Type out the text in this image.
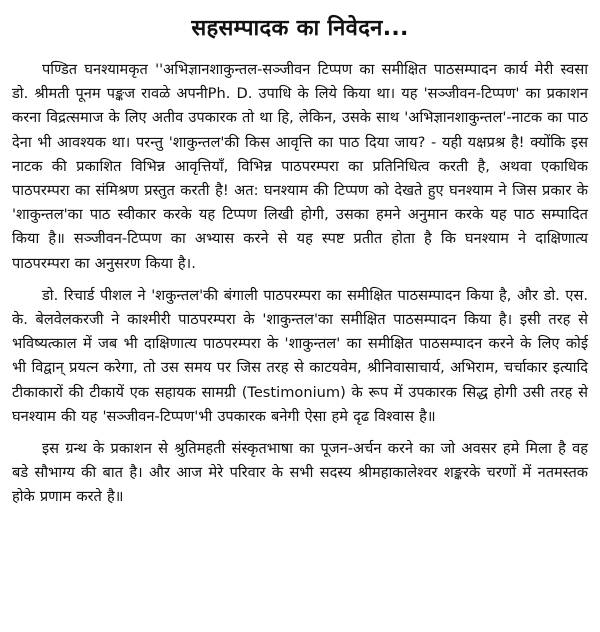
सहसम्पादक का निवेदन...

पण्डित घनश्यामकृत ''अभिज्ञानशाकुन्तल-सञ्जीवन टिप्पण का समीक्षित पाठसम्पादन कार्य मेरी स्वसा डो. श्रीमती पूनम पङ्कज रावळे अपनीPh. D. उपाधि के लिये किया था। यह 'सञ्जीवन-टिप्पण' का प्रकाशन करना विद्रत्समाज के लिए अतीव उपकारक तो था हि, लेकिन, उसके साथ 'अभिज्ञानशाकुन्तल'-नाटक का पाठ देना भी आवश्यक था। परन्तु 'शाकुन्तल'की किस आवृत्ति का पाठ दिया जाय? - यही यक्षप्रश्र है! क्योंकि इस नाटक की प्रकाशित विभिन्न आवृत्तियाँ, विभिन्न पाठपरम्परा का प्रतिनिधित्व करती है, अथवा एकाधिक पाठपरम्परा का संमिश्रण प्रस्तुत करती है! अत: घनश्याम की टिप्पण को देखते हुए घनश्याम ने जिस प्रकार के 'शाकुन्तल'का पाठ स्वीकार करके यह टिप्पण लिखी होगी, उसका हमने अनुमान करके यह पाठ सम्पादित किया है॥ सञ्जीवन-टिप्पण का अभ्यास करने से यह स्पष्ट प्रतीत होता है कि घनश्याम ने दाक्षिणात्य पाठपरम्परा का अनुसरण किया है।.

डो. रिचार्ड पीशल ने 'शकुन्तल'की बंगाली पाठपरम्परा का समीक्षित पाठसम्पादन किया है, और डो. एस. के. बेलवेलकरजी ने काश्मीरी पाठपरम्परा के 'शाकुन्तल'का समीक्षित पाठसम्पादन किया है। इसी तरह से भविष्यत्काल में जब भी दाक्षिणात्य पाठपरम्परा के 'शाकुन्तल' का समीक्षित पाठसम्पादन करने के लिए कोई भी विद्वान् प्रयत्न करेगा, तो उस समय पर जिस तरह से काटयवेम, श्रीनिवासाचार्य, अभिराम, चर्चाकार इत्यादि टीकाकारों की टीकायें एक सहायक सामग्री (Testimonium) के रूप में उपकारक सिद्ध होगी उसी तरह से घनश्याम की यह 'सञ्जीवन-टिप्पण'भी उपकारक बनेगी ऐसा हमे दृढ विश्वास है॥

इस ग्रन्थ के प्रकाशन से श्रुतिमहती संस्कृतभाषा का पूजन-अर्चन करने का जो अवसर हमे मिला है वह बडे सौभाग्य की बात है। और आज मेरे परिवार के सभी सदस्य श्रीमहाकालेश्वर शङ्करके चरणों में नतमस्तक होके प्रणाम करते है॥
